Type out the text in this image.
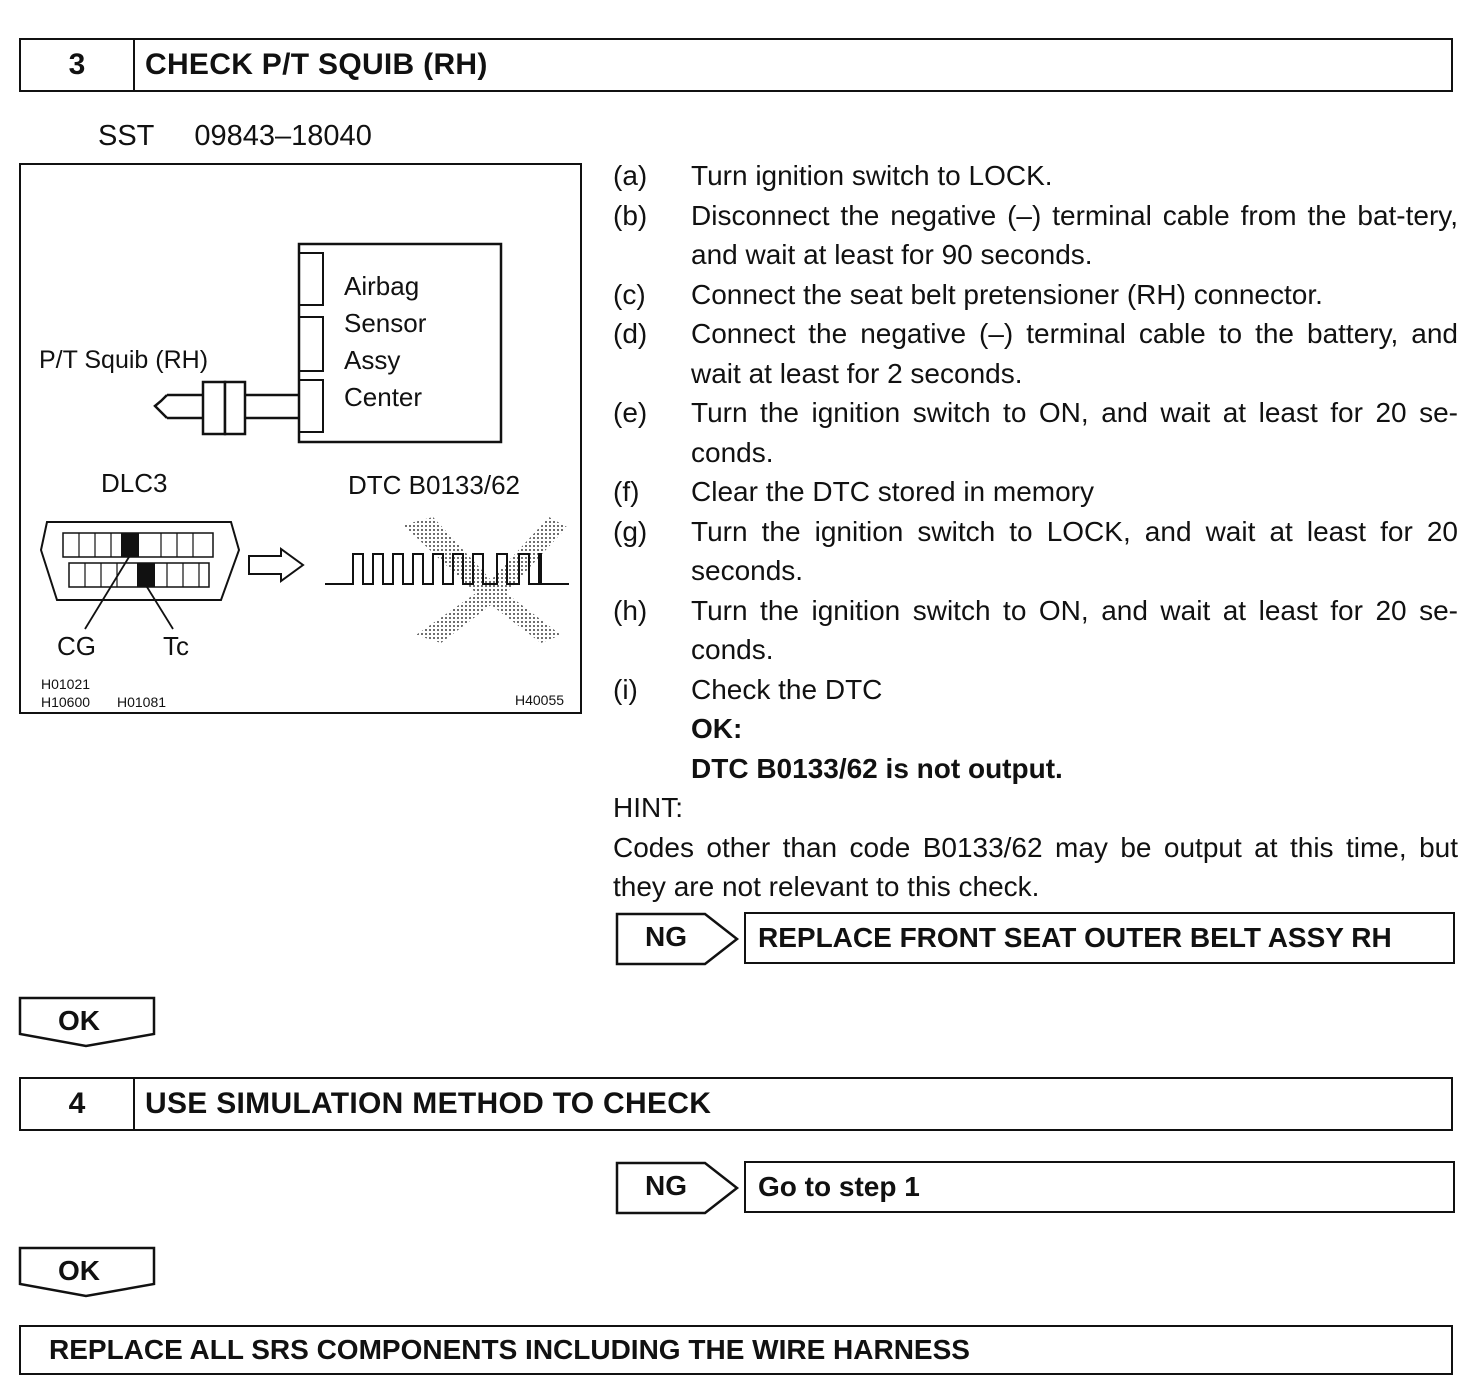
3	CHECK P/T SQUIB (RH)
SST 09843–18040
Airbag
Sensor
Assy
Center
P/T Squib (RH)
DLC3
CG	Tc
DTC B0133/62
H01021
H10600 H01081	H40055
(a)	Turn ignition switch to LOCK.
(b)	Disconnect the negative (–) terminal cable from the bat-tery, and wait at least for 90 seconds.
(c)	Connect the seat belt pretensioner (RH) connector.
(d)	Connect the negative (–) terminal cable to the battery, and wait at least for 2 seconds.
(e)	Turn the ignition switch to ON, and wait at least for 20 se-conds.
(f)	Clear the DTC stored in memory
(g)	Turn the ignition switch to LOCK, and wait at least for 20 seconds.
(h)	Turn the ignition switch to ON, and wait at least for 20 se-conds.
(i)	Check the DTC
OK:
DTC B0133/62 is not output.
HINT:
Codes other than code B0133/62 may be output at this time, but they are not relevant to this check.
NG	REPLACE FRONT SEAT OUTER BELT ASSY RH
OK
4	USE SIMULATION METHOD TO CHECK
NG	Go to step 1
OK
REPLACE ALL SRS COMPONENTS INCLUDING THE WIRE HARNESS
